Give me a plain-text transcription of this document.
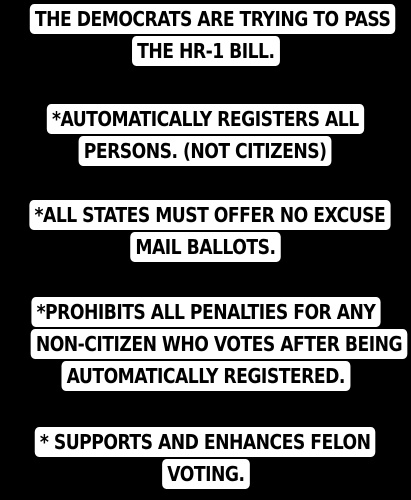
THE DEMOCRATS ARE TRYING TO PASS
THE HR-1 BILL.
*AUTOMATICALLY REGISTERS ALL
PERSONS. (NOT CITIZENS)
*ALL STATES MUST OFFER NO EXCUSE
MAIL BALLOTS.
*PROHIBITS ALL PENALTIES FOR ANY
NON-CITIZEN WHO VOTES AFTER BEING
AUTOMATICALLY REGISTERED.
* SUPPORTS AND ENHANCES FELON
VOTING.
